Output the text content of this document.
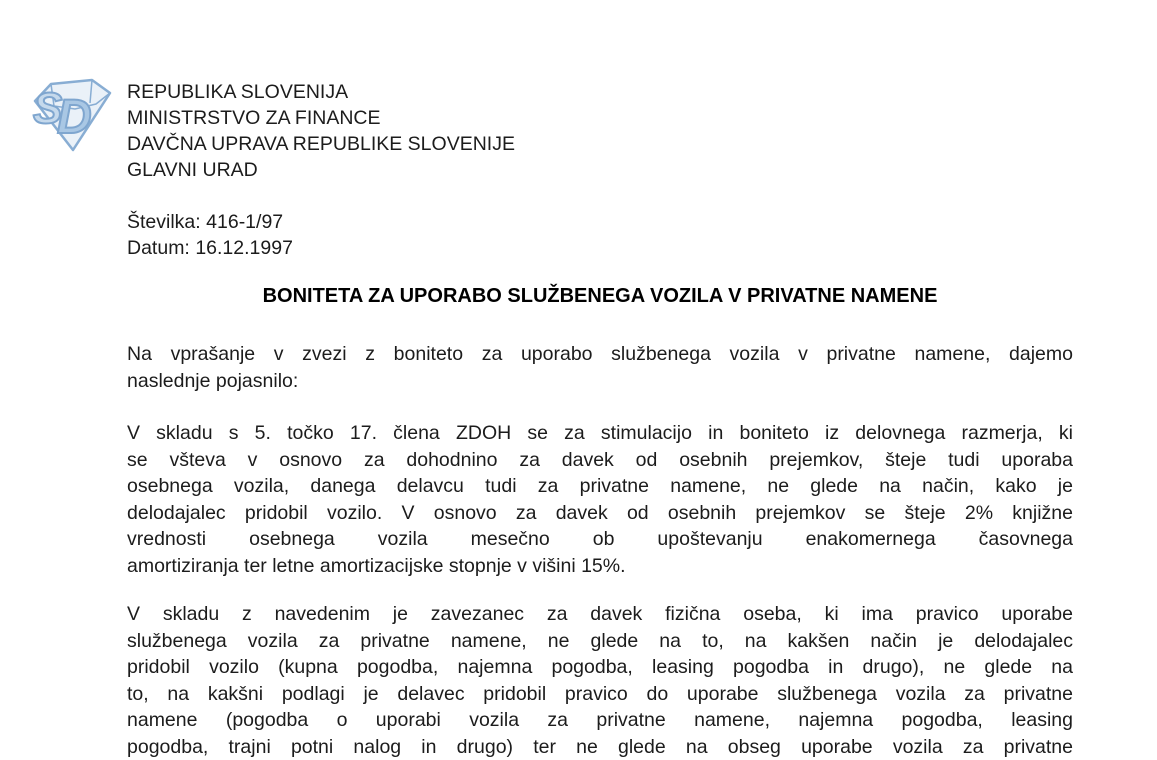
S
D REPUBLIKA SLOVENIJA
MINISTRSTVO ZA FINANCE
DAVČNA UPRAVA REPUBLIKE SLOVENIJE
GLAVNI URAD
Številka: 416-1/97
Datum: 16.12.1997
BONITETA ZA UPORABO SLUŽBENEGA VOZILA V PRIVATNE NAMENE
Na vprašanje v zvezi z boniteto za uporabo službenega vozila v privatne namene, dajemo
naslednje pojasnilo:
V skladu s 5. točko 17. člena ZDOH se za stimulacijo in boniteto iz delovnega razmerja, ki
se všteva v osnovo za dohodnino za davek od osebnih prejemkov, šteje tudi uporaba
osebnega vozila, danega delavcu tudi za privatne namene, ne glede na način, kako je
delodajalec pridobil vozilo. V osnovo za davek od osebnih prejemkov se šteje 2% knjižne
vrednosti osebnega vozila mesečno ob upoštevanju enakomernega časovnega
amortiziranja ter letne amortizacijske stopnje v višini 15%.
V skladu z navedenim je zavezanec za davek fizična oseba, ki ima pravico uporabe
službenega vozila za privatne namene, ne glede na to, na kakšen način je delodajalec
pridobil vozilo (kupna pogodba, najemna pogodba, leasing pogodba in drugo), ne glede na
to, na kakšni podlagi je delavec pridobil pravico do uporabe službenega vozila za privatne
namene (pogodba o uporabi vozila za privatne namene, najemna pogodba, leasing
pogodba, trajni potni nalog in drugo) ter ne glede na obseg uporabe vozila za privatne
